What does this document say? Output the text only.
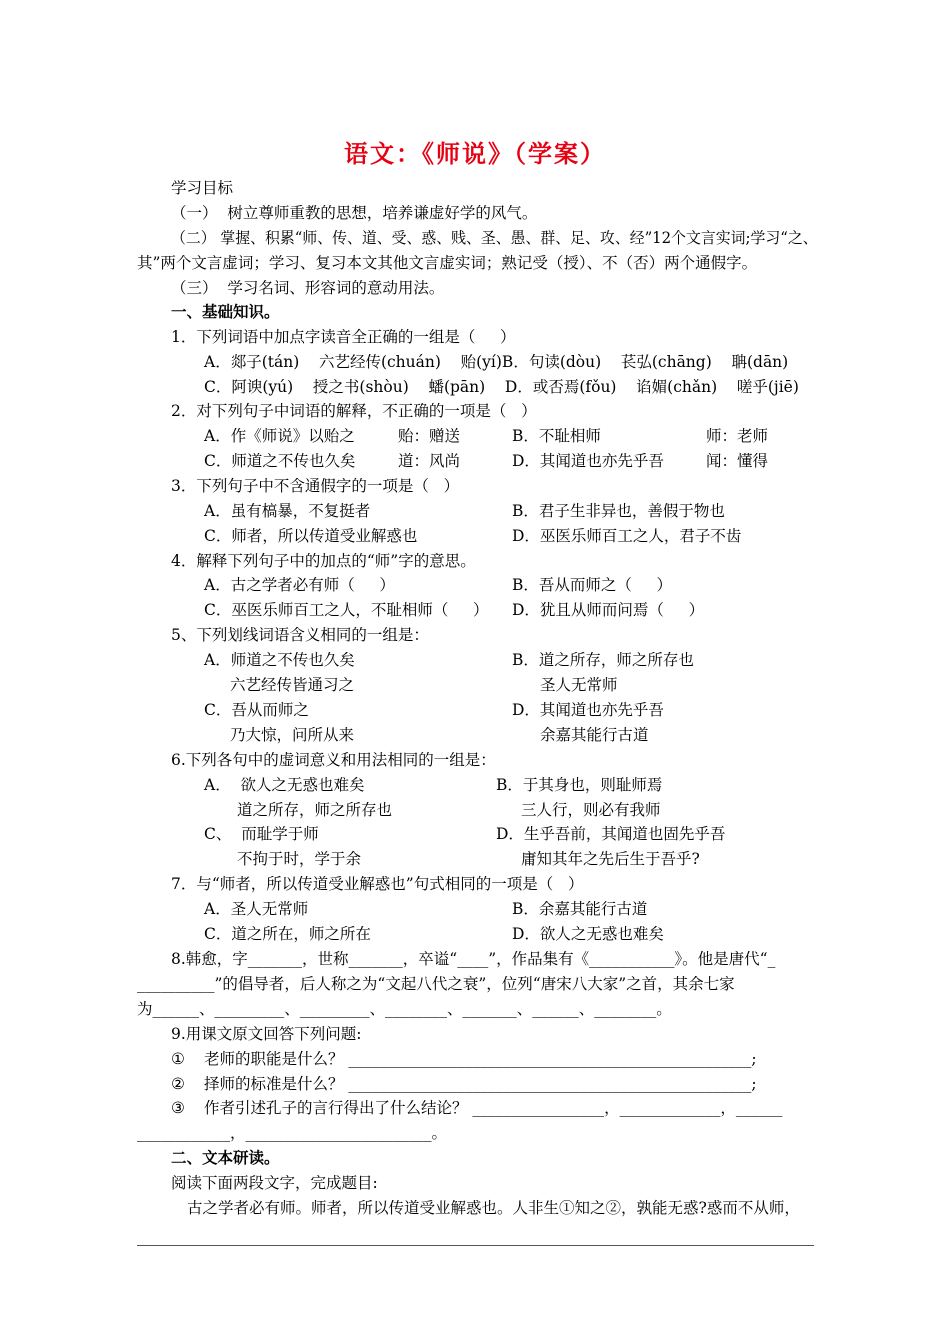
语文：《师说》（学案）
学习目标
（一）  树立尊师重教的思想，培养谦虚好学的风气。
（二） 掌握、积累“师、传、道、受、惑、贱、圣、愚、群、足、攻、经”12个文言实词;学习“之、
其”两个文言虚词；学习、复习本文其他文言虚实词；熟记受（授）、不（否）两个通假字。
（三）  学习名词、形容词的意动用法。
一、基础知识。
1．下列词语中加点字读音全正确的一组是（     ）
A．郯子(tán)    六艺经传(chuán)    贻(yí)B．句读(dòu)    苌弘(chāng)    聃(dān)
C．阿谀(yú)    授之书(shòu)    蟠(pān)    D．或否焉(fǒu)    谄媚(chǎn)    嗟乎(jiē)
2．对下列句子中词语的解释，不正确的一项是（   ）
A．作《师说》以贻之	贻：赠送	B．不耻相师	师：老师
C．师道之不传也久矣	道：风尚	D．其闻道也亦先乎吾	闻：懂得
3．下列句子中不含通假字的一项是（   ）
A．虽有槁暴，不复挺者	B．君子生非异也，善假于物也
C．师者，所以传道受业解惑也	D．巫医乐师百工之人，君子不齿
4．解释下列句子中的加点的“师”字的意思。
A．古之学者必有师（     ）	B．吾从而师之（     ）
C．巫医乐师百工之人，不耻相师（     ） D．犹且从师而问焉（     ）
5、下列划线词语含义相同的一组是：
A．师道之不传也久矣	B．道之所存，师之所存也
六艺经传皆通习之	圣人无常师
C．吾从而师之	D．其闻道也亦先乎吾
乃大惊，问所从来	余嘉其能行古道
6.下列各句中的虚词意义和用法相同的一组是：
A．  欲人之无惑也难矣	B．于其身也，则耻师焉
道之所存，师之所存也	三人行，则必有我师
C、  而耻学于师	D．生乎吾前，其闻道也固先乎吾
不拘于时，学于余	庸知其年之先后生于吾乎?
7．与“师者，所以传道受业解惑也”句式相同的一项是（   ）
A．圣人无常师	B．余嘉其能行古道
C．道之所在，师之所在	D．欲人之无惑也难矣
8.韩愈，字_______，世称_______，卒谥“____”，作品集有《___________》。他是唐代“_
__________”的倡导者，后人称之为“文起八代之衰”，位列“唐宋八大家”之首，其余七家
为______、_________、_________、________、_______、______、________。
9.用课文原文回答下列问题:
① 老师的职能是什么？ ____________________________________________________;
② 择师的标准是什么？ ____________________________________________________;
③ 作者引述孔子的言行得出了什么结论？ _________________，_____________，______
____________，________________________。
二、文本研读。
阅读下面两段文字，完成题目:
古之学者必有师。师者，所以传道受业解惑也。人非生①知之②，孰能无惑?惑而不从师，
